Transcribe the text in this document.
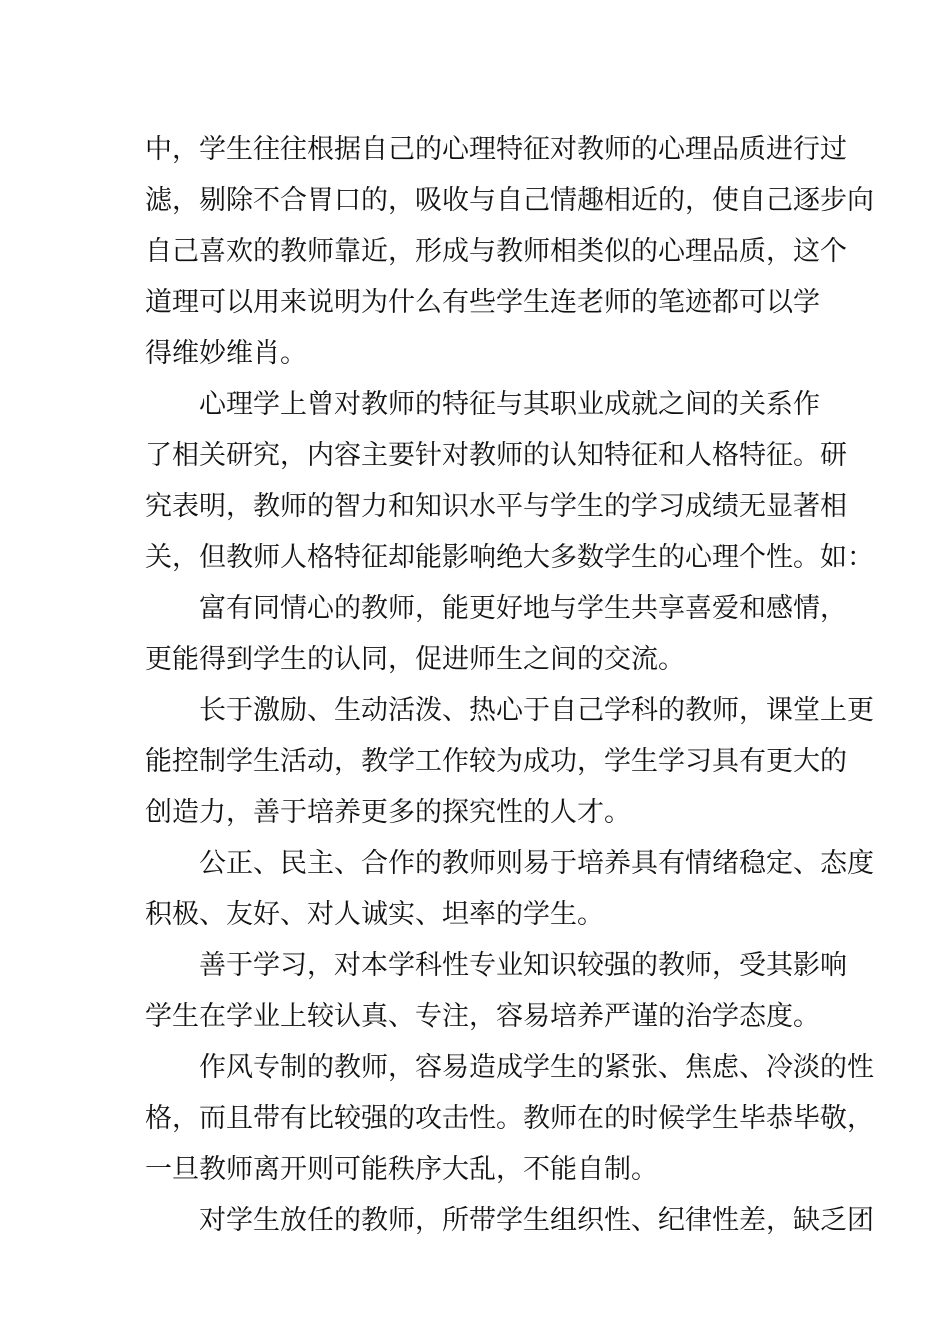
中，学生往往根据自己的心理特征对教师的心理品质进行过
滤，剔除不合胃口的，吸收与自己情趣相近的，使自己逐步向
自己喜欢的教师靠近，形成与教师相类似的心理品质，这个
道理可以用来说明为什么有些学生连老师的笔迹都可以学
得维妙维肖。
心理学上曾对教师的特征与其职业成就之间的关系作
了相关研究，内容主要针对教师的认知特征和人格特征。研
究表明，教师的智力和知识水平与学生的学习成绩无显著相
关，但教师人格特征却能影响绝大多数学生的心理个性。如：
富有同情心的教师，能更好地与学生共享喜爱和感情，
更能得到学生的认同，促进师生之间的交流。
长于激励、生动活泼、热心于自己学科的教师，课堂上更
能控制学生活动，教学工作较为成功，学生学习具有更大的
创造力，善于培养更多的探究性的人才。
公正、民主、合作的教师则易于培养具有情绪稳定、态度
积极、友好、对人诚实、坦率的学生。
善于学习，对本学科性专业知识较强的教师，受其影响
学生在学业上较认真、专注，容易培养严谨的治学态度。
作风专制的教师，容易造成学生的紧张、焦虑、冷淡的性
格，而且带有比较强的攻击性。教师在的时候学生毕恭毕敬，
一旦教师离开则可能秩序大乱，不能自制。
对学生放任的教师，所带学生组织性、纪律性差，缺乏团
